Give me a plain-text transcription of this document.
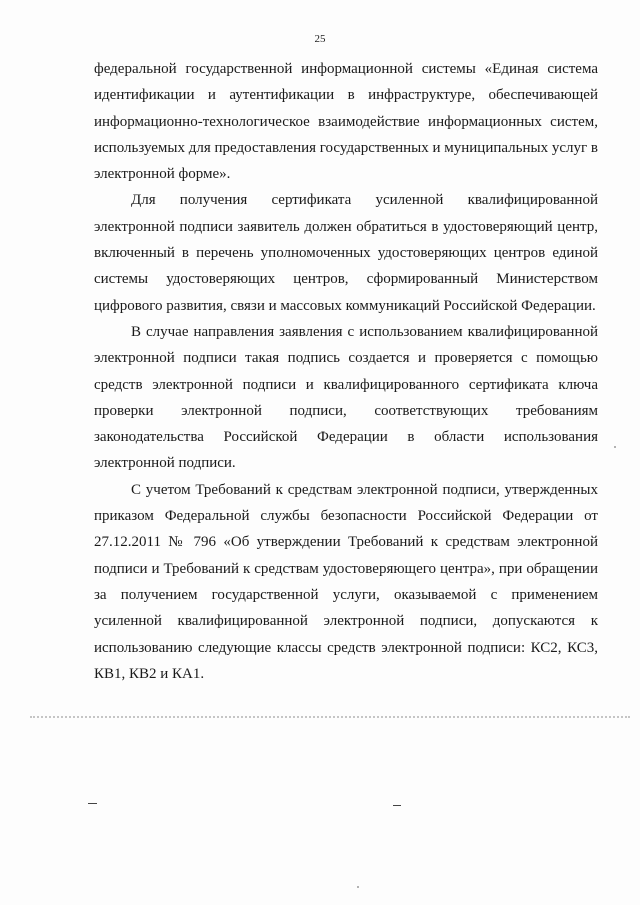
25

федеральной государственной информационной системы «Единая система идентификации и аутентификации в инфраструктуре, обеспечивающей информационно-технологическое взаимодействие информационных систем, используемых для предоставления государственных и муниципальных услуг в электронной форме».

Для получения сертификата усиленной квалифицированной электронной подписи заявитель должен обратиться в удостоверяющий центр, включенный в перечень уполномоченных удостоверяющих центров единой системы удостоверяющих центров, сформированный Министерством цифрового развития, связи и массовых коммуникаций Российской Федерации.

В случае направления заявления с использованием квалифицированной электронной подписи такая подпись создается и проверяется с помощью средств электронной подписи и квалифицированного сертификата ключа проверки электронной подписи, соответствующих требованиям законодательства Российской Федерации в области использования электронной подписи.

С учетом Требований к средствам электронной подписи, утвержденных приказом Федеральной службы безопасности Российской Федерации от 27.12.2011 № 796 «Об утверждении Требований к средствам электронной подписи и Требований к средствам удостоверяющего центра», при обращении за получением государственной услуги, оказываемой с применением усиленной квалифицированной электронной подписи, допускаются к использованию следующие классы средств электронной подписи: КС2, КС3, КВ1, КВ2 и КА1.
